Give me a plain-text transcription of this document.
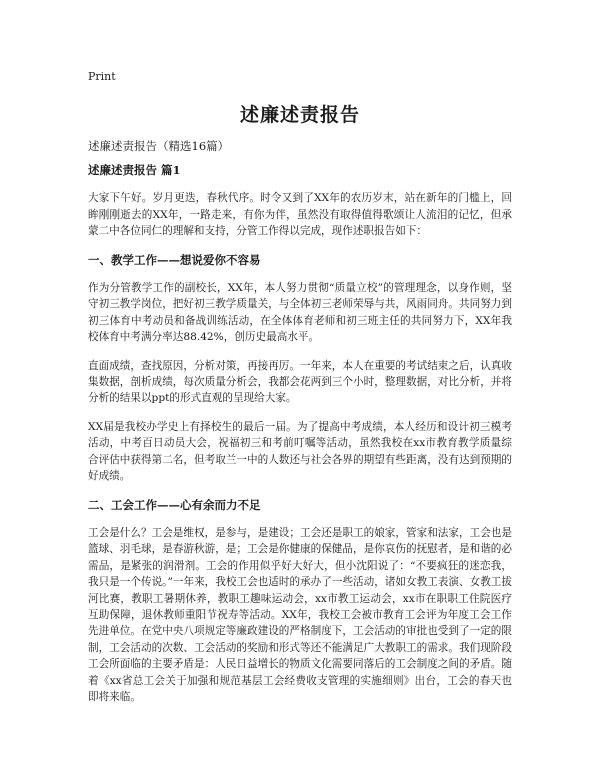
Print
述廉述责报告
述廉述责报告（精选16篇）
述廉述责报告 篇1

大家下午好。岁月更迭，春秋代序。时令又到了XX年的农历岁末，站在新年的门槛上，回眸刚刚逝去的XX年，一路走来，有你为伴，虽然没有取得值得歌颂让人流泪的记忆，但承蒙二中各位同仁的理解和支持，分管工作得以完成，现作述职报告如下：

一、教学工作——想说爱你不容易

作为分管教学工作的副校长，XX年，本人努力贯彻“质量立校”的管理理念，以身作则，坚守初三教学岗位，把好初三教学质量关，与全体初三老师荣辱与共，风雨同舟。共同努力到初三体育中考动员和备战训练活动，在全体体育老师和初三班主任的共同努力下，XX年我校体育中考满分率达88.42%，创历史最高水平。

直面成绩，查找原因，分析对策，再接再厉。一年来，本人在重要的考试结束之后，认真收集数据，剖析成绩，每次质量分析会，我都会花两到三个小时，整理数据，对比分析，并将分析的结果以ppt的形式直观的呈现给大家。

XX届是我校办学史上有择校生的最后一届。为了提高中考成绩，本人经历和设计初三模考活动，中考百日动员大会，祝福初三和考前叮嘱等活动，虽然我校在xx市教育教学质量综合评估中获得第二名，但考取兰一中的人数还与社会各界的期望有些距离，没有达到预期的好成绩。

二、工会工作——心有余而力不足

工会是什么？工会是维权，是参与，是建设；工会还是职工的娘家，管家和法家，工会也是篮球、羽毛球，是春游秋游，是；工会是你健康的保健品，是你哀伤的抚慰者，是和谐的必需品，是紧张的润滑剂。工会的作用似乎好大好大，但小沈阳说了：“不要疯狂的迷恋我，我只是一个传说。”一年来，我校工会也适时的承办了一些活动，诸如女教工表演、女教工拔河比赛，教职工暑期休养，教职工趣味运动会，xx市教工运动会，xx市在职职工住院医疗互助保障，退休教师重阳节祝寿等活动。XX年，我校工会被市教育工会评为年度工会工作先进单位。在党中央八项规定等廉政建设的严格制度下，工会活动的审批也受到了一定的限制，工会活动的次数、工会活动的奖励和形式等还不能满足广大教职工的需求。我们现阶段工会所面临的主要矛盾是：人民日益增长的物质文化需要同落后的工会制度之间的矛盾。随着《xx省总工会关于加强和规范基层工会经费收支管理的实施细则》出台，工会的春天也即将来临。
